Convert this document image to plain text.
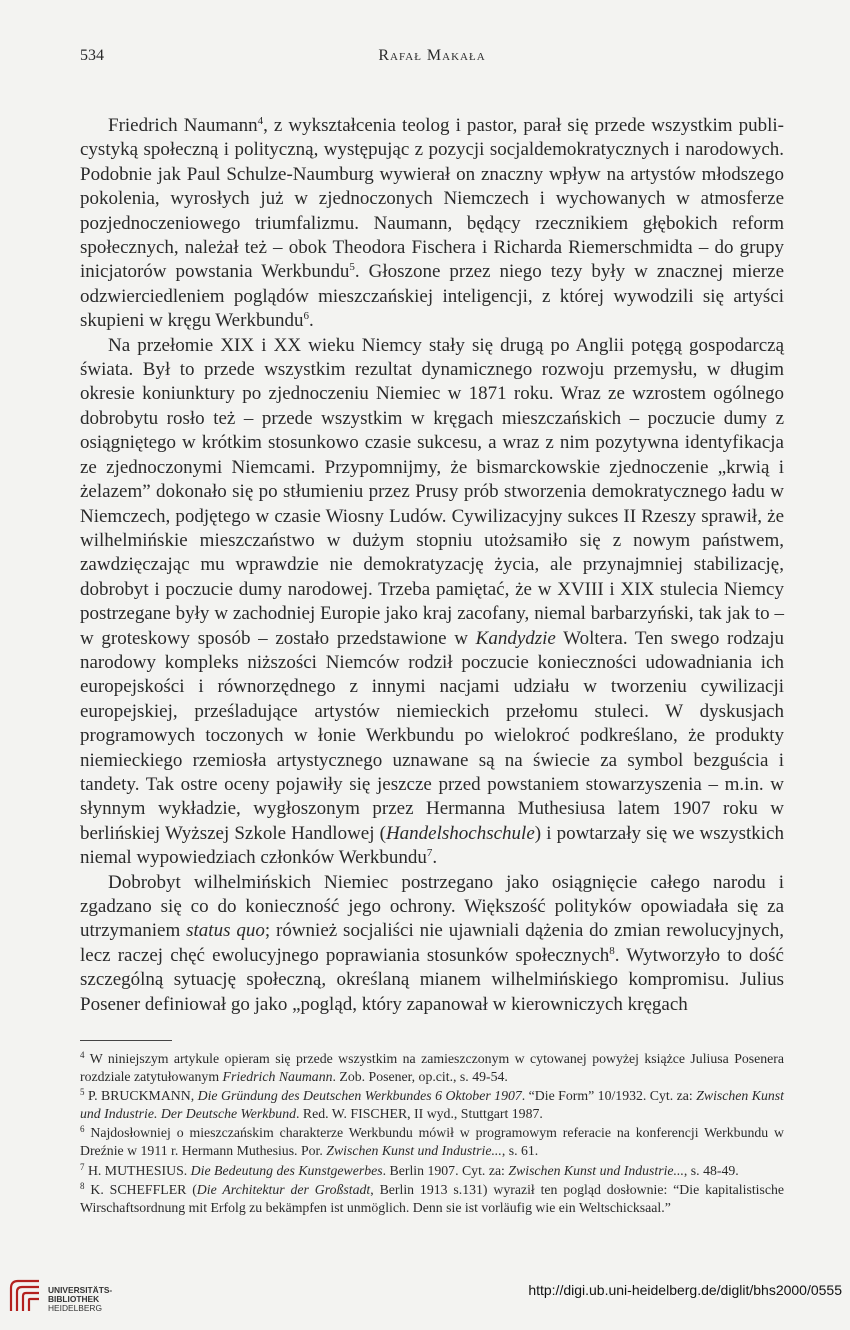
534	Rafał Makała

Friedrich Naumann$^4$, z wykształcenia teolog i pastor, parał się przede wszystkim publicystyką społeczną i polityczną, występując z pozycji socjaldemokratycznych i narodowych. Podobnie jak Paul Schulze-Naumburg wywierał on znaczny wpływ na artystów młodszego pokolenia, wyrosłych już w zjednoczonych Niemczech i wychowanych w atmosferze pozjednoczeniowego triumfalizmu. Naumann, będący rzecznikiem głębokich reform społecznych, należał też – obok Theodora Fischera i Richarda Riemerschmidta – do grupy inicjatorów powstania Werkbundu$^5$. Głoszone przez niego tezy były w znacznej mierze odzwierciedleniem poglądów mieszczańskiej inteligencji, z której wywodzili się artyści skupieni w kręgu Werkbundu$^6$.

Na przełomie XIX i XX wieku Niemcy stały się drugą po Anglii potęgą gospodarczą świata. Był to przede wszystkim rezultat dynamicznego rozwoju przemysłu, w długim okresie koniunktury po zjednoczeniu Niemiec w 1871 roku. Wraz ze wzrostem ogólnego dobrobytu rosło też – przede wszystkim w kręgach mieszczańskich – poczucie dumy z osiągniętego w krótkim stosunkowo czasie sukcesu, a wraz z nim pozytywna identyfikacja ze zjednoczonymi Niemcami. Przypomnijmy, że bismarckowskie zjednoczenie „krwią i żelazem” dokonało się po stłumieniu przez Prusy prób stworzenia demokratycznego ładu w Niemczech, podjętego w czasie Wiosny Ludów. Cywilizacyjny sukces II Rzeszy sprawił, że wilhelmińskie mieszczaństwo w dużym stopniu utożsamiło się z nowym państwem, zawdzięczając mu wprawdzie nie demokratyzację życia, ale przynajmniej stabilizację, dobrobyt i poczucie dumy narodowej. Trzeba pamiętać, że w XVIII i XIX stulecia Niemcy postrzegane były w zachodniej Europie jako kraj zacofany, niemal barbarzyński, tak jak to – w groteskowy sposób – zostało przedstawione w Kandydzie Woltera. Ten swego rodzaju narodowy kompleks niższości Niemców rodził poczucie konieczności udowadniania ich europejskości i równorzędnego z innymi nacjami udziału w tworzeniu cywilizacji europejskiej, prześladujące artystów niemieckich przełomu stuleci. W dyskusjach programowych toczonych w łonie Werkbundu po wielokroć podkreślano, że produkty niemieckiego rzemiosła artystycznego uznawane są na świecie za symbol bezguścia i tandety. Tak ostre oceny pojawiły się jeszcze przed powstaniem stowarzyszenia – m.in. w słynnym wykładzie, wygłoszonym przez Hermanna Muthesiusa latem 1907 roku w berlińskiej Wyższej Szkole Handlowej (Handelshochschule) i powtarzały się we wszystkich niemal wypowiedziach członków Werkbundu$^7$.

Dobrobyt wilhelmińskich Niemiec postrzegano jako osiągnięcie całego narodu i zgadzano się co do konieczność jego ochrony. Większość polityków opowiadała się za utrzymaniem status quo; również socjaliści nie ujawniali dążenia do zmian rewolucyjnych, lecz raczej chęć ewolucyjnego poprawiania stosunków społecznych$^8$. Wytworzyło to dość szczególną sytuację społeczną, określaną mianem wilhelmińskiego kompromisu. Julius Posener definiował go jako „pogląd, który zapanował w kierowniczych kręgach

$^4$ W niniejszym artykule opieram się przede wszystkim na zamieszczonym w cytowanej powyżej książce Juliusa Posenera rozdziale zatytułowanym Friedrich Naumann. Zob. Posener, op.cit., s. 49-54.
$^5$ P. BRUCKMANN, Die Gründung des Deutschen Werkbundes 6 Oktober 1907. “Die Form” 10/1932. Cyt. za: Zwischen Kunst und Industrie. Der Deutsche Werkbund. Red. W. FISCHER, II wyd., Stuttgart 1987.
$^6$ Najdosłowniej o mieszczańskim charakterze Werkbundu mówił w programowym referacie na konferencji Werkbundu w Dreźnie w 1911 r. Hermann Muthesius. Por. Zwischen Kunst und Industrie..., s. 61.
$^7$ H. MUTHESIUS. Die Bedeutung des Kunstgewerbes. Berlin 1907. Cyt. za: Zwischen Kunst und Industrie..., s. 48-49.
$^8$ K. SCHEFFLER (Die Architektur der Großstadt, Berlin 1913 s.131) wyraził ten pogląd dosłownie: “Die kapitalistische Wirschaftsordnung mit Erfolg zu bekämpfen ist unmöglich. Denn sie ist vorläufig wie ein Weltschicksaal.”
UNIVERSITÄTS-
BIBLIOTHEK
HEIDELBERG
http://digi.ub.uni-heidelberg.de/diglit/bhs2000/0555
